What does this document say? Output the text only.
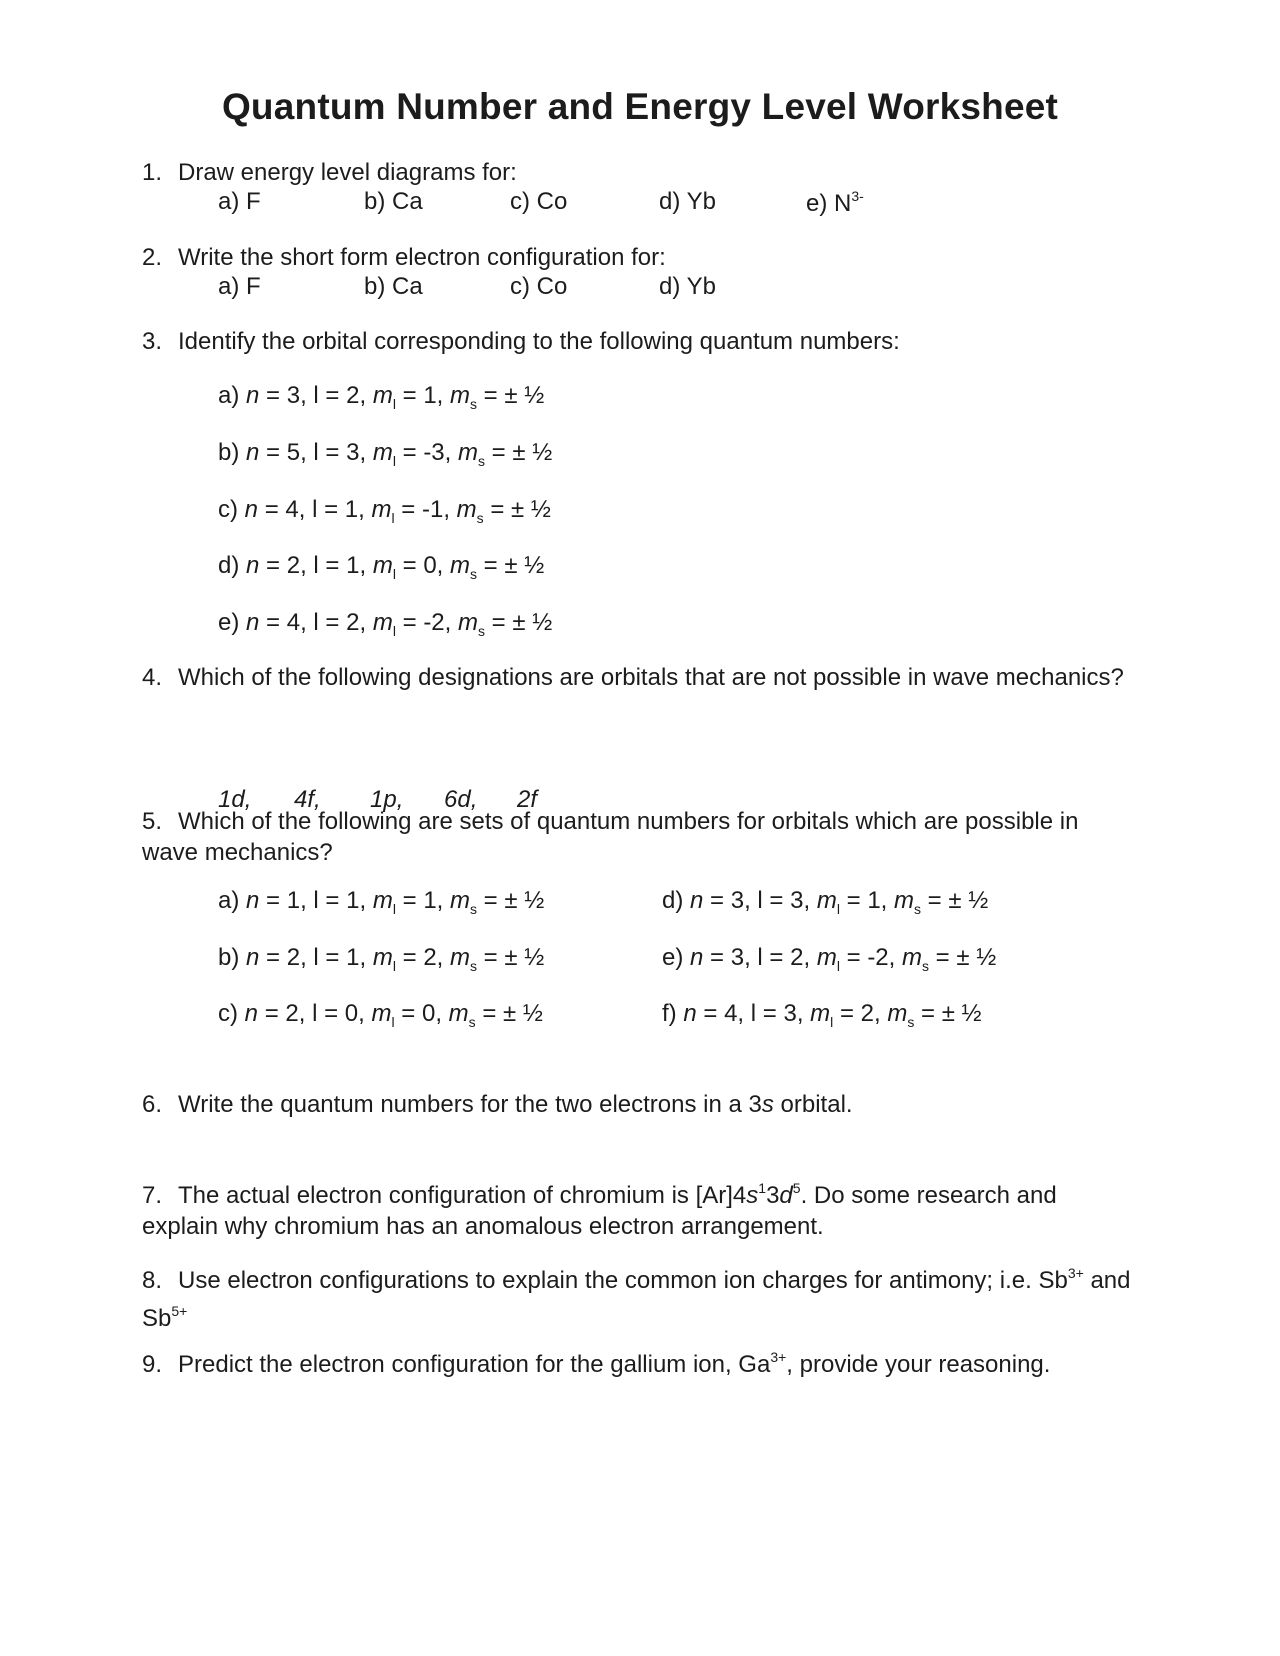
Quantum Number and Energy Level Worksheet
1. Draw energy level diagrams for:
a) F	b) Ca	c) Co	d) Yb	e) $N^{3-}$
2. Write the short form electron configuration for:
a) F	b) Ca	c) Co	d) Yb
3. Identify the orbital corresponding to the following quantum numbers:
a) n = 3, l = 2, $m_l = 1$, $m_s$ = ± ½
b) n = 5, l = 3, $m_l = -3$, $m_s$ = ± ½
c) n = 4, l = 1, $m_l = -1$, $m_s$ = ± ½
d) n = 2, l = 1, $m_l = 0$, $m_s$ = ± ½
e) n = 4, l = 2, $m_l = -2$, $m_s$ = ± ½
4. Which of the following designations are orbitals that are not possible in wave mechanics?
1d, 4f, 1p, 6d, 2f
5. Which of the following are sets of quantum numbers for orbitals which are possible in wave mechanics?
a) n = 1, l = 1, $m_l = 1$, $m_s$ = ± ½
b) n = 2, l = 1, $m_l = 2$, $m_s$ = ± ½
c) n = 2, l = 0, $m_l = 0$, $m_s$ = ± ½
d) n = 3, l = 3, $m_l = 1$, $m_s$ = ± ½
e) n = 3, l = 2, $m_l = -2$, $m_s$ = ± ½
f) n = 4, l = 3, $m_l = 2$, $m_s$ = ± ½
6. Write the quantum numbers for the two electrons in a 3s orbital.
7. The actual electron configuration of chromium is $[Ar]4s^13d^5$. Do some research and explain why chromium has an anomalous electron arrangement.
8. Use electron configurations to explain the common ion charges for antimony; i.e. $Sb^{3+}$ and $Sb^{5+}$
9. Predict the electron configuration for the gallium ion, $Ga^{3+}$, provide your reasoning.
